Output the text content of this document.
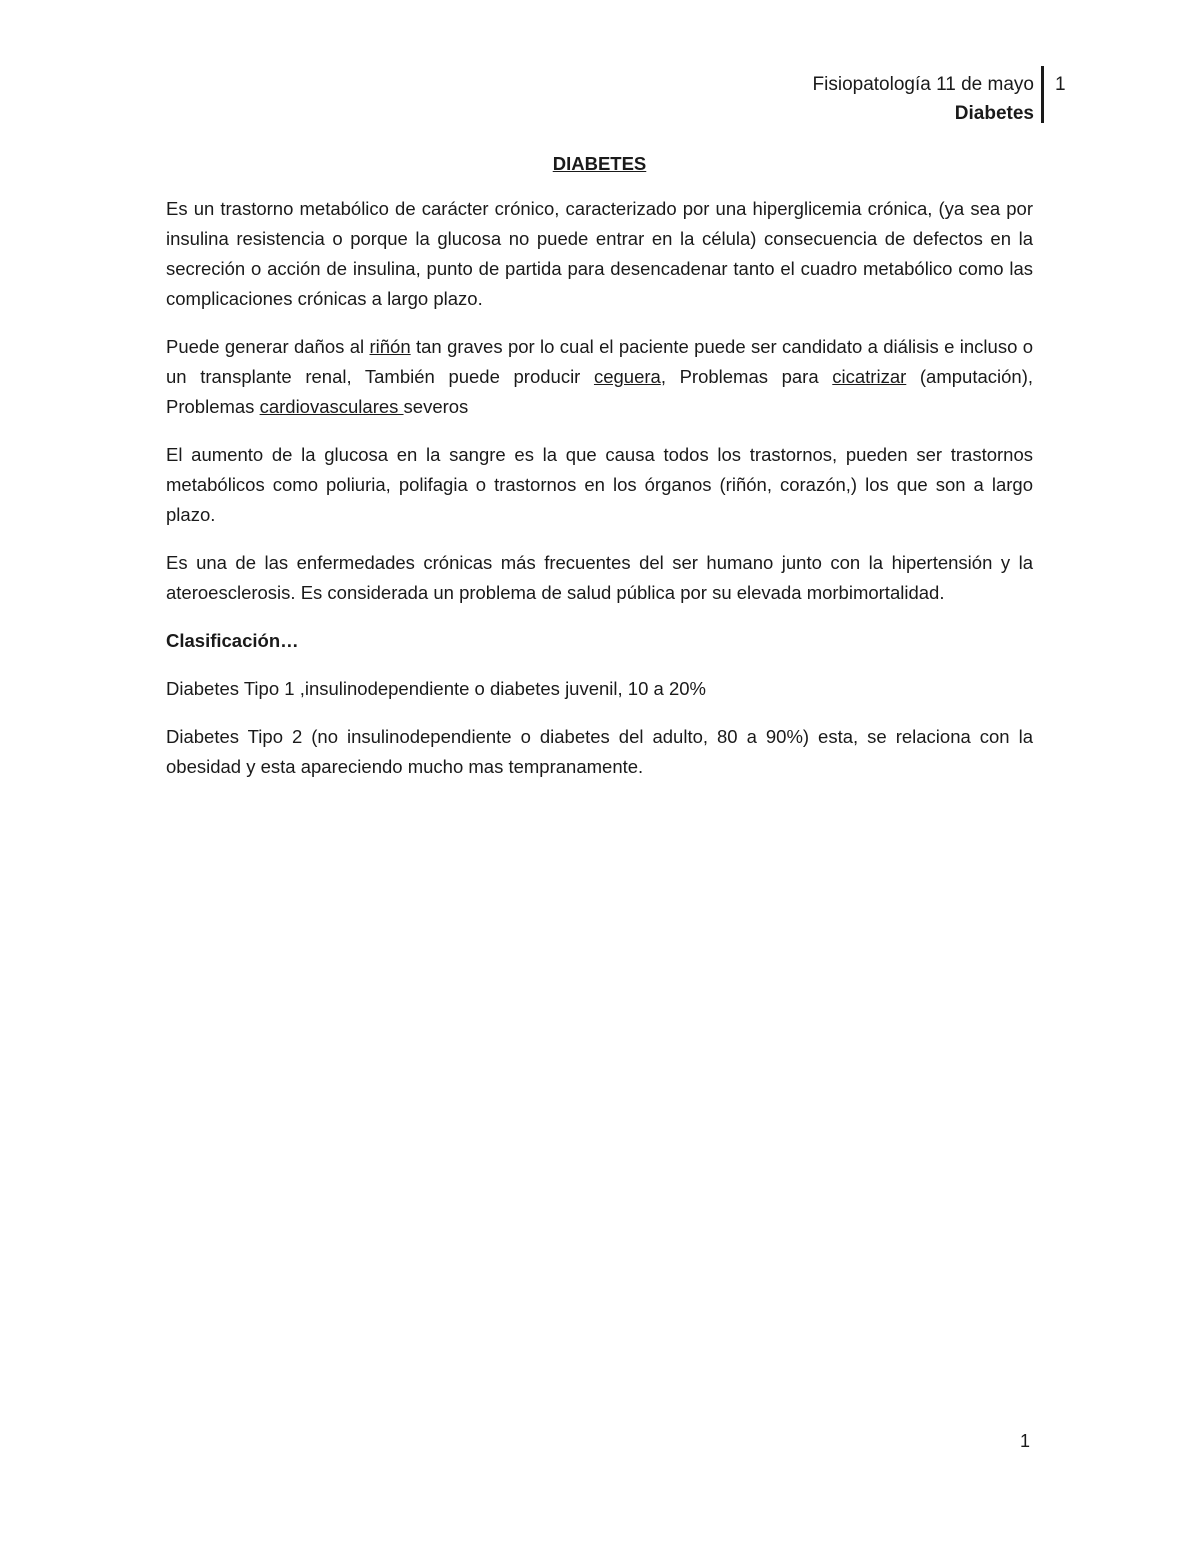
Fisiopatología 11 de mayo
Diabetes
1
DIABETES

Es un trastorno metabólico de carácter crónico, caracterizado por una hiperglicemia crónica, (ya sea por insulina resistencia o porque la glucosa no puede entrar en la célula) consecuencia de defectos en la secreción o acción de insulina, punto de partida para desencadenar tanto el cuadro metabólico como las complicaciones crónicas a largo plazo.

Puede generar daños al riñón tan graves por lo cual el paciente puede ser candidato a diálisis e incluso o un transplante renal, También puede producir ceguera, Problemas para cicatrizar (amputación), Problemas cardiovasculares severos

El aumento de la glucosa en la sangre es la que causa todos los trastornos, pueden ser trastornos metabólicos como poliuria, polifagia o trastornos en los órganos (riñón, corazón,) los que son a largo plazo.

Es una de las enfermedades crónicas más frecuentes del ser humano junto con la hipertensión y la ateroesclerosis. Es considerada un problema de salud pública por su elevada morbimortalidad.

Clasificación…

Diabetes Tipo 1 ,insulinodependiente o diabetes juvenil, 10 a 20%

Diabetes Tipo 2 (no insulinodependiente o diabetes del adulto, 80 a 90%) esta, se relaciona con la obesidad y esta apareciendo mucho mas tempranamente.

1
